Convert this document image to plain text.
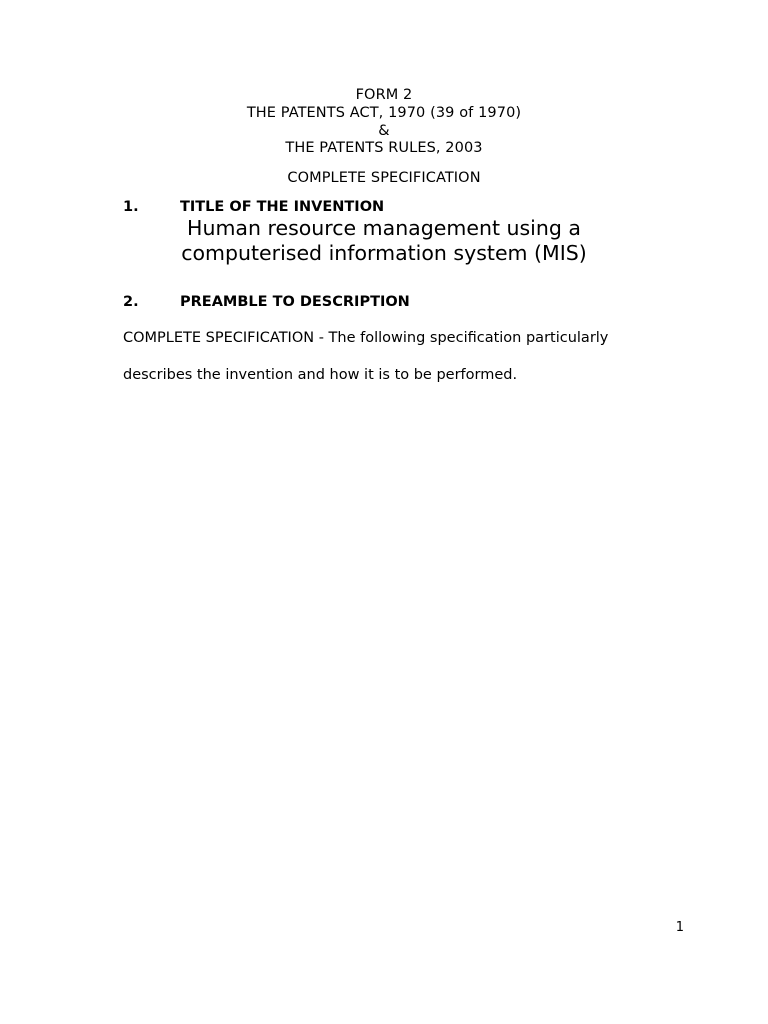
FORM 2
THE PATENTS ACT, 1970 (39 of 1970)
&
THE PATENTS RULES, 2003
COMPLETE SPECIFICATION
1.	TITLE OF THE INVENTION
Human resource management using a
computerised information system (MIS)
2.	PREAMBLE TO DESCRIPTION
COMPLETE SPECIFICATION - The following specification particularly
describes the invention and how it is to be performed.
1
